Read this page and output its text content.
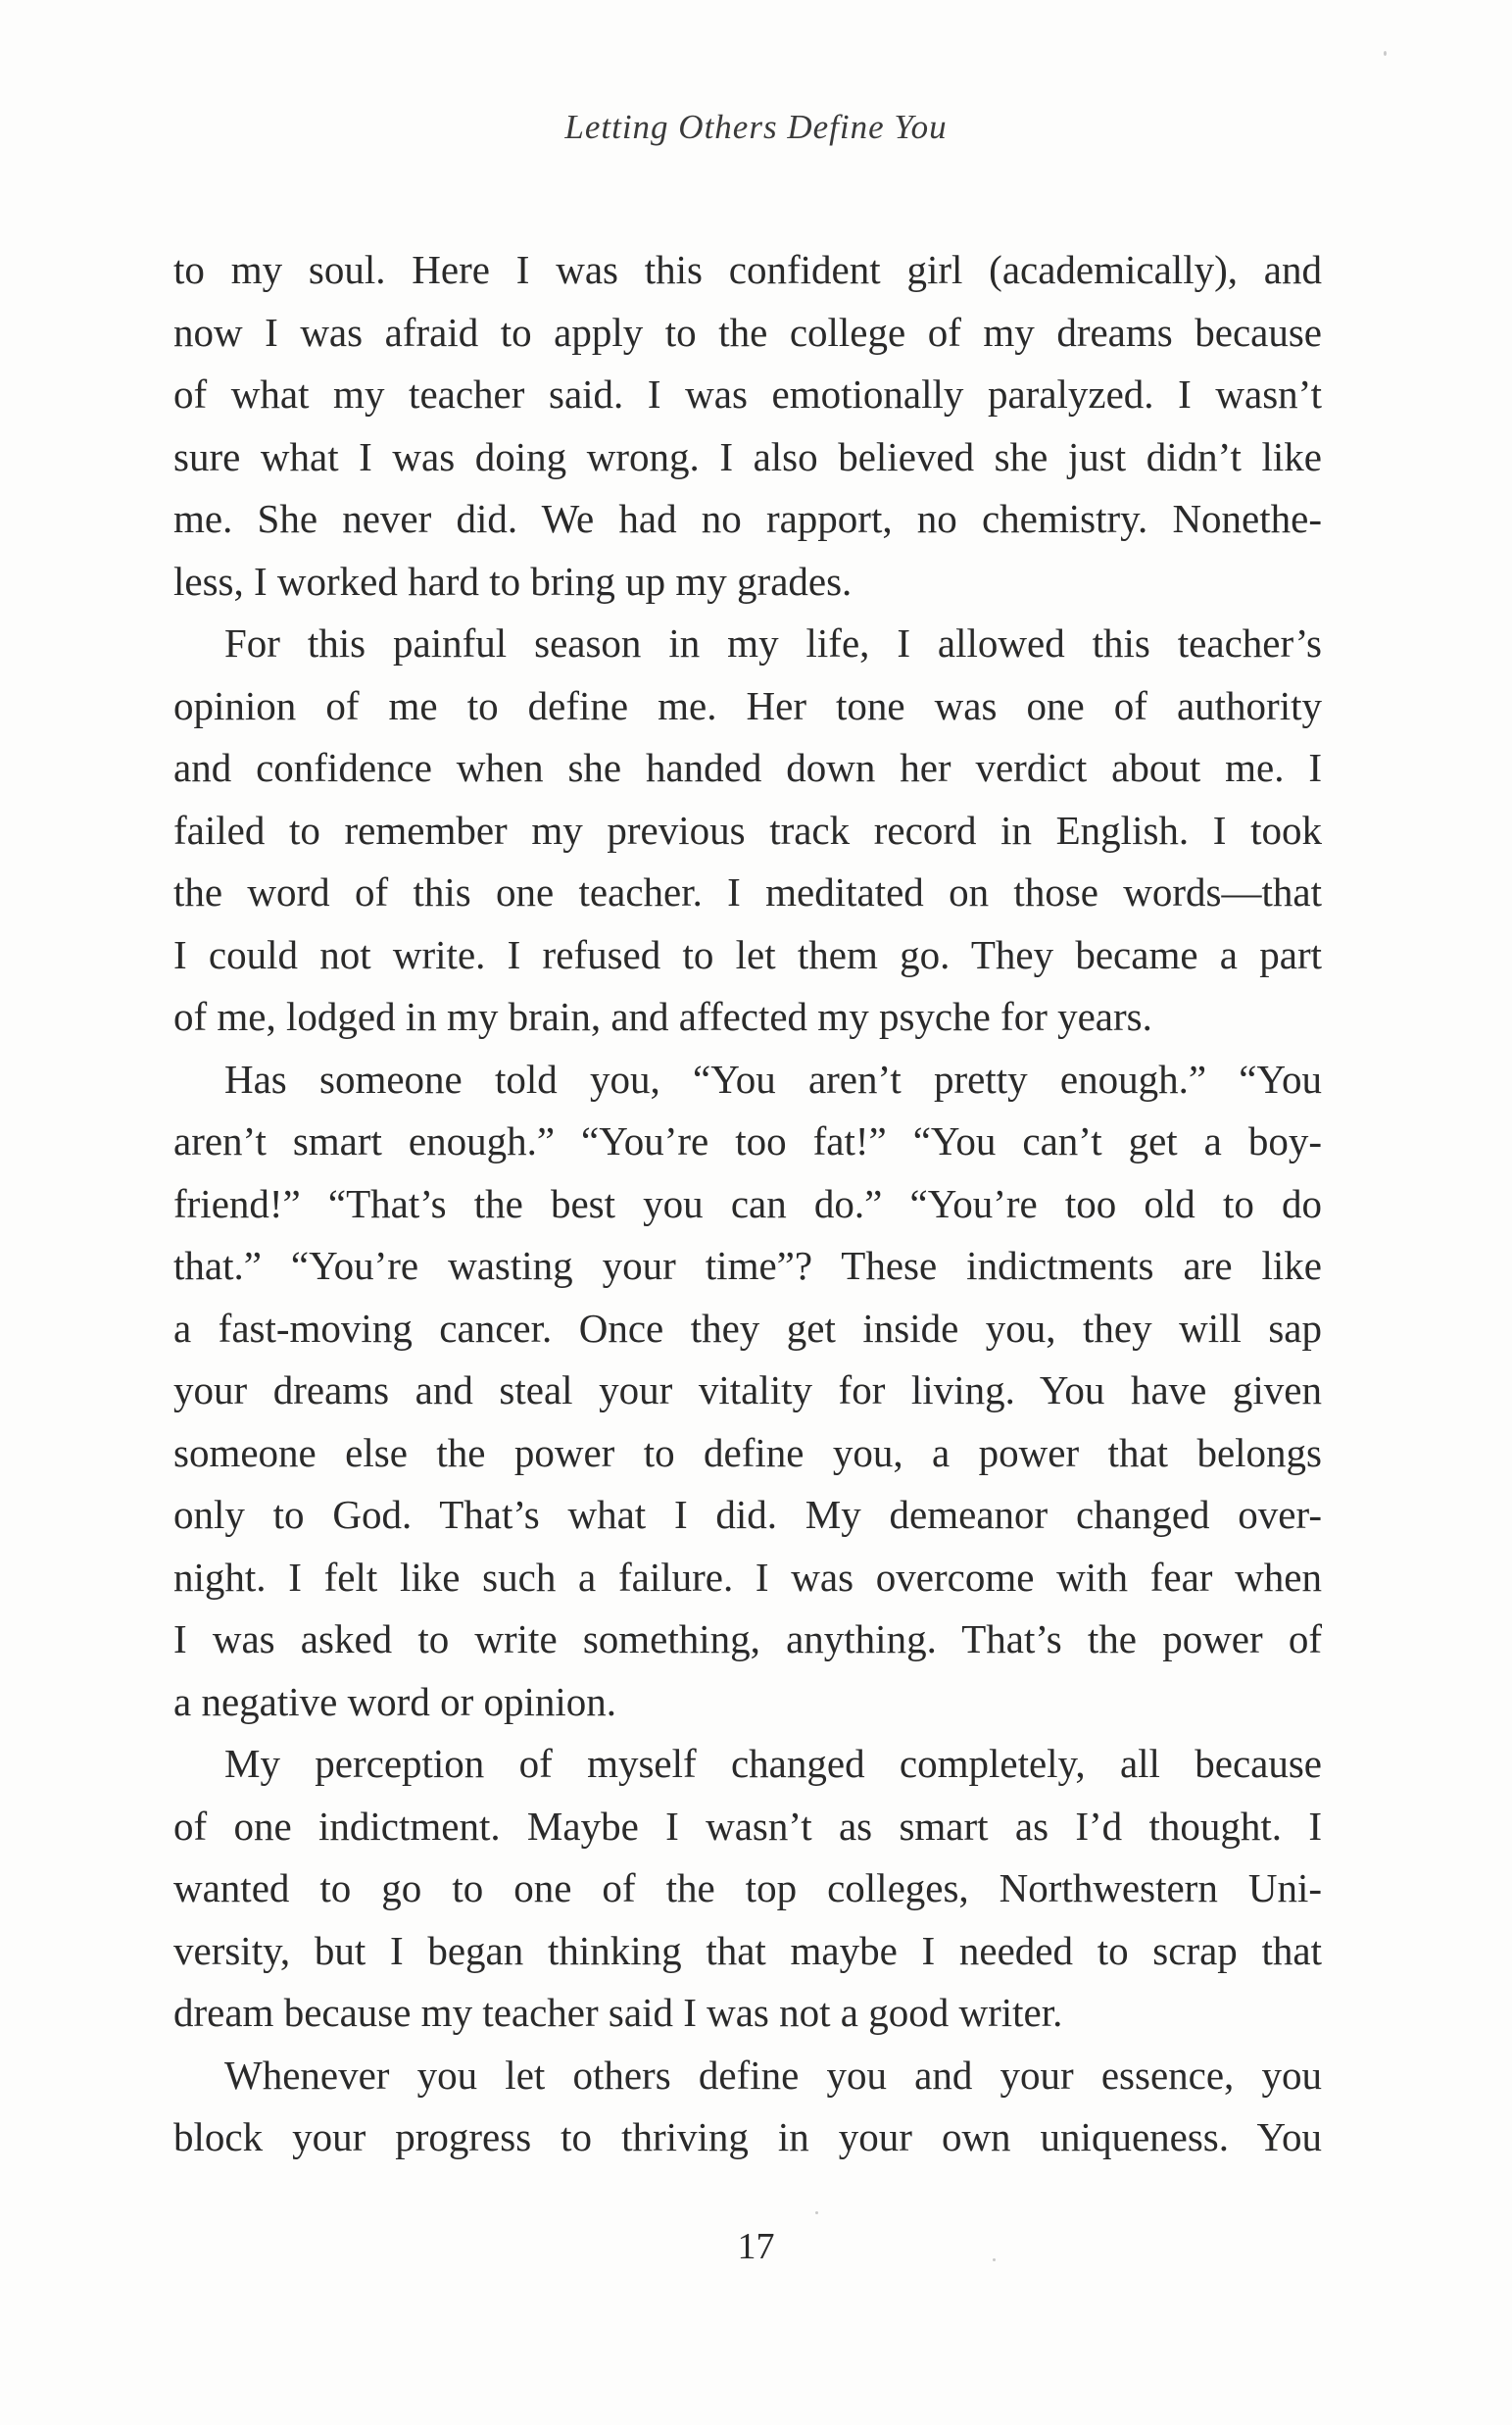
Letting Others Define You
to my soul. Here I was this confident girl (academically), and
now I was afraid to apply to the college of my dreams because
of what my teacher said. I was emotionally paralyzed. I wasn’t
sure what I was doing wrong. I also believed she just didn’t like
me. She never did. We had no rapport, no chemistry. Nonethe-
less, I worked hard to bring up my grades.
For this painful season in my life, I allowed this teacher’s
opinion of me to define me. Her tone was one of authority
and confidence when she handed down her verdict about me. I
failed to remember my previous track record in English. I took
the word of this one teacher. I meditated on those words—that
I could not write. I refused to let them go. They became a part
of me, lodged in my brain, and affected my psyche for years.
Has someone told you, “You aren’t pretty enough.” “You
aren’t smart enough.” “You’re too fat!” “You can’t get a boy-
friend!” “That’s the best you can do.” “You’re too old to do
that.” “You’re wasting your time”? These indictments are like
a fast-moving cancer. Once they get inside you, they will sap
your dreams and steal your vitality for living. You have given
someone else the power to define you, a power that belongs
only to God. That’s what I did. My demeanor changed over-
night. I felt like such a failure. I was overcome with fear when
I was asked to write something, anything. That’s the power of
a negative word or opinion.
My perception of myself changed completely, all because
of one indictment. Maybe I wasn’t as smart as I’d thought. I
wanted to go to one of the top colleges, Northwestern Uni-
versity, but I began thinking that maybe I needed to scrap that
dream because my teacher said I was not a good writer.
Whenever you let others define you and your essence, you
block your progress to thriving in your own uniqueness. You
17
